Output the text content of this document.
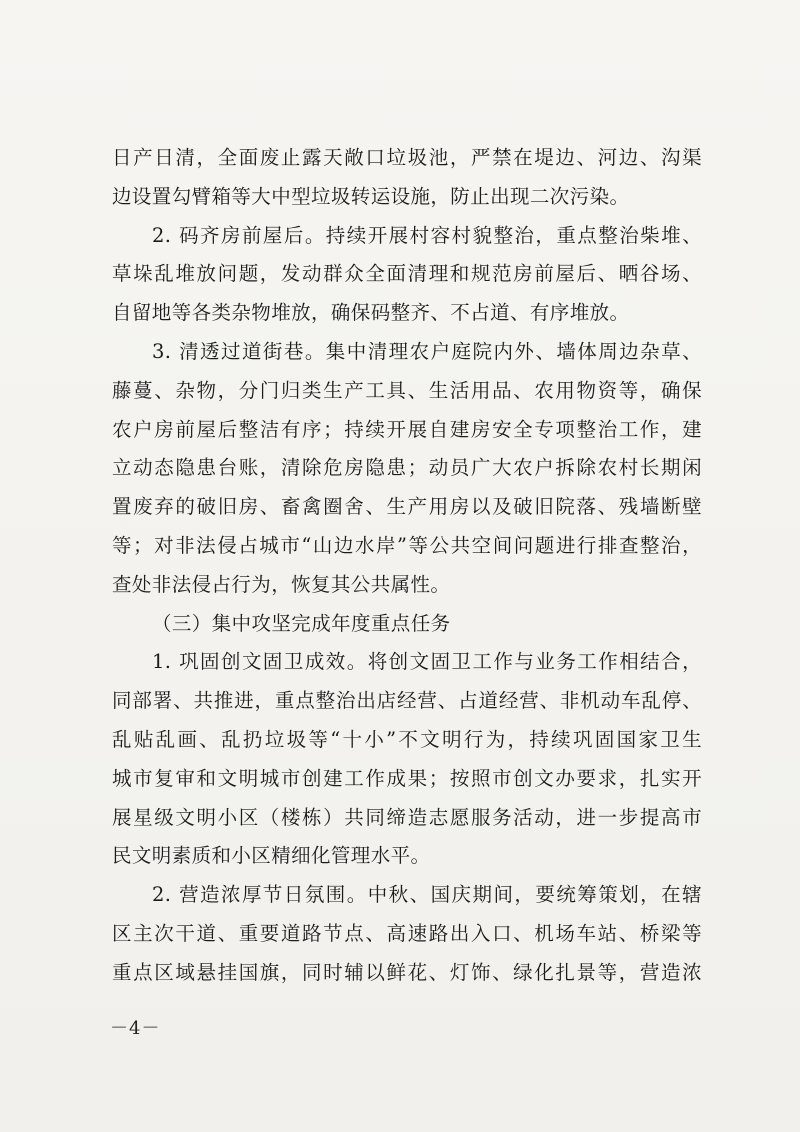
日产日清，全面废止露天敞口垃圾池，严禁在堤边、河边、沟渠
边设置勾臂箱等大中型垃圾转运设施，防止出现二次污染。
2. 码齐房前屋后。持续开展村容村貌整治，重点整治柴堆、
草垛乱堆放问题，发动群众全面清理和规范房前屋后、晒谷场、
自留地等各类杂物堆放，确保码整齐、不占道、有序堆放。
3. 清透过道街巷。集中清理农户庭院内外、墙体周边杂草、
藤蔓、杂物，分门归类生产工具、生活用品、农用物资等，确保
农户房前屋后整洁有序；持续开展自建房安全专项整治工作，建
立动态隐患台账，清除危房隐患；动员广大农户拆除农村长期闲
置废弃的破旧房、畜禽圈舍、生产用房以及破旧院落、残墙断壁
等；对非法侵占城市“山边水岸”等公共空间问题进行排查整治，
查处非法侵占行为，恢复其公共属性。
（三）集中攻坚完成年度重点任务
1. 巩固创文固卫成效。将创文固卫工作与业务工作相结合，
同部署、共推进，重点整治出店经营、占道经营、非机动车乱停、
乱贴乱画、乱扔垃圾等“十小”不文明行为，持续巩固国家卫生
城市复审和文明城市创建工作成果；按照市创文办要求，扎实开
展星级文明小区（楼栋）共同缔造志愿服务活动，进一步提高市
民文明素质和小区精细化管理水平。
2. 营造浓厚节日氛围。中秋、国庆期间，要统筹策划，在辖
区主次干道、重要道路节点、高速路出入口、机场车站、桥梁等
重点区域悬挂国旗，同时辅以鲜花、灯饰、绿化扎景等，营造浓
－4－
